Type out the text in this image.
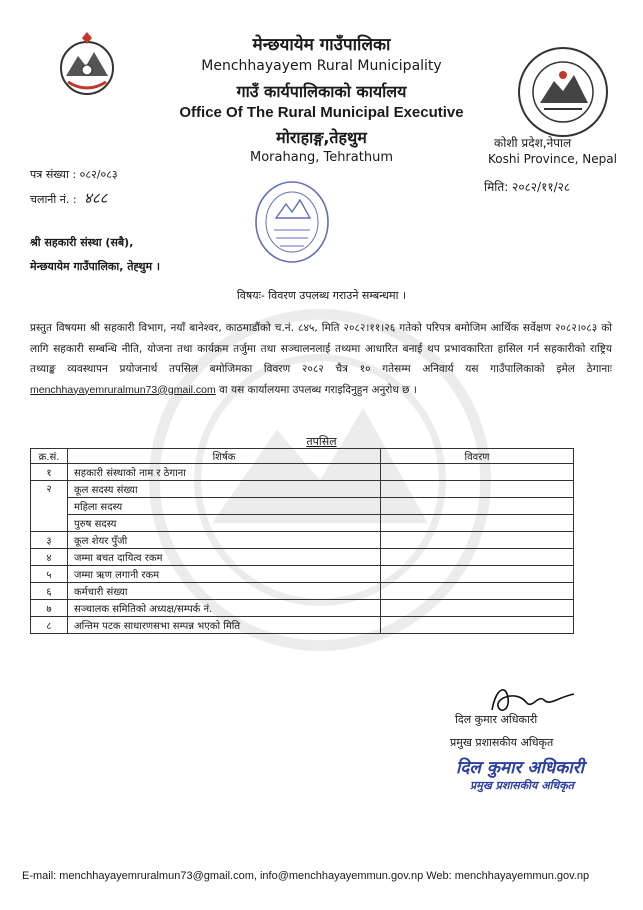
मेन्छयायेम गाउँपालिका
Menchhayayem Rural Municipality
गाउँ कार्यपालिकाको कार्यालय
Office Of The Rural Municipal Executive
मोराहाङ्ग,तेहथुम
Morahang, Tehrathum
कोशी प्रदेश,नेपाल
Koshi Province, Nepal
मिति: २०८२/११/२८
पत्र संख्या : ०८२/०८३
चलानी नं. : ४८८
श्री सहकारी संस्था (सबै),
मेन्छयायेम गाउँपालिका, तेह्थुम ।
विषयः- विवरण उपलब्ध गराउने सम्बन्धमा ।
प्रस्तुत विषयमा श्री सहकारी विभाग, नयाँ बानेश्वर, काठमाडौंको च.नं. ८४५, मिति २०८२।११।२६ गतेको परिपत्र बमोजिम आर्थिक सर्वेक्षण २०८२।०८३ को लागि सहकारी सम्बन्धि नीति, योजना तथा कार्यक्रम तर्जुमा तथा सञ्चालनलाई तथ्यमा आधारित बनाई थप प्रभावकारिता हासिल गर्न सहकारीको राष्ट्रिय तथ्याङ्क व्यवस्थापन प्रयोजनार्थ तपसिल बमोजिमका विवरण २०८२ चैत्र १० गतेसम्म अनिवार्य यस गाउँपालिकाको इमेल ठेगानाः menchhayayemruralmun73@gmail.com वा यस कार्यालयमा उपलब्ध गराइदिनुहुन अनुरोध छ ।
तपसिल
क्र.सं.	शिर्षक	विवरण
१	सहकारी संस्थाको नाम र ठेगाना	
२	कूल सदस्य संख्या	
	महिला सदस्य	
	पुरुष सदस्य	
३	कूल शेयर पुँजी	
४	जम्मा बचत दायित्व रकम	
५	जम्मा ऋण लगानी रकम	
६	कर्मचारी संख्या	
७	सञ्चालक समितिको अध्यक्ष/सम्पर्क नं.	
८	अन्तिम पटक साधारणसभा सम्पन्न भएको मिति	
दिल कुमार अधिकारी
प्रमुख प्रशासकीय अधिकृत
दिल कुमार अधिकारी
प्रमुख प्रशासकीय अधिकृत
E-mail: menchhayayemruralmun73@gmail.com, info@menchhayayemmun.gov.np Web: menchhayayemmun.gov.np
